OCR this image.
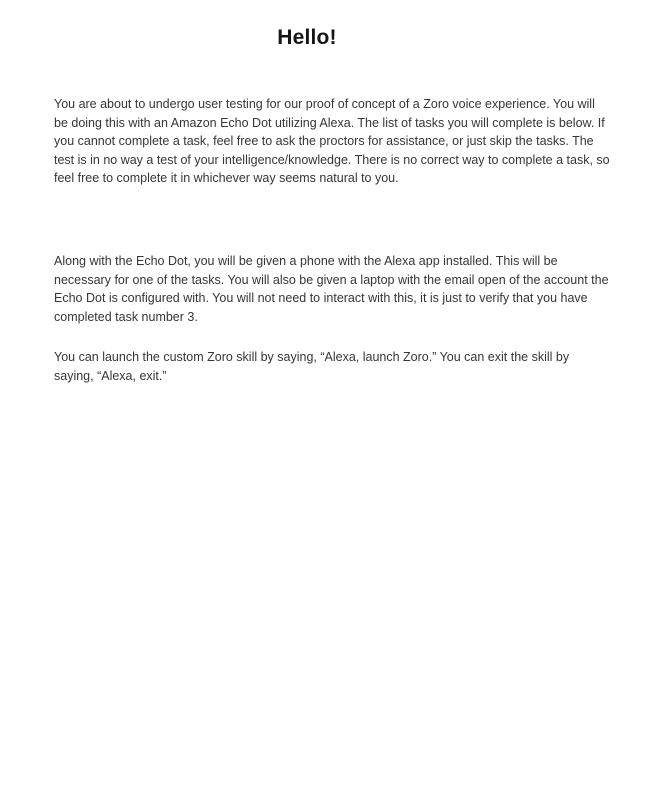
Hello!

You are about to undergo user testing for our proof of concept of a Zoro voice experience. You will be doing this with an Amazon Echo Dot utilizing Alexa. The list of tasks you will complete is below. If you cannot complete a task, feel free to ask the proctors for assistance, or just skip the tasks. The test is in no way a test of your intelligence/knowledge. There is no correct way to complete a task, so feel free to complete it in whichever way seems natural to you.

Along with the Echo Dot, you will be given a phone with the Alexa app installed. This will be necessary for one of the tasks. You will also be given a laptop with the email open of the account the Echo Dot is configured with. You will not need to interact with this, it is just to verify that you have completed task number 3.

You can launch the custom Zoro skill by saying, “Alexa, launch Zoro.” You can exit the skill by saying, “Alexa, exit.”
